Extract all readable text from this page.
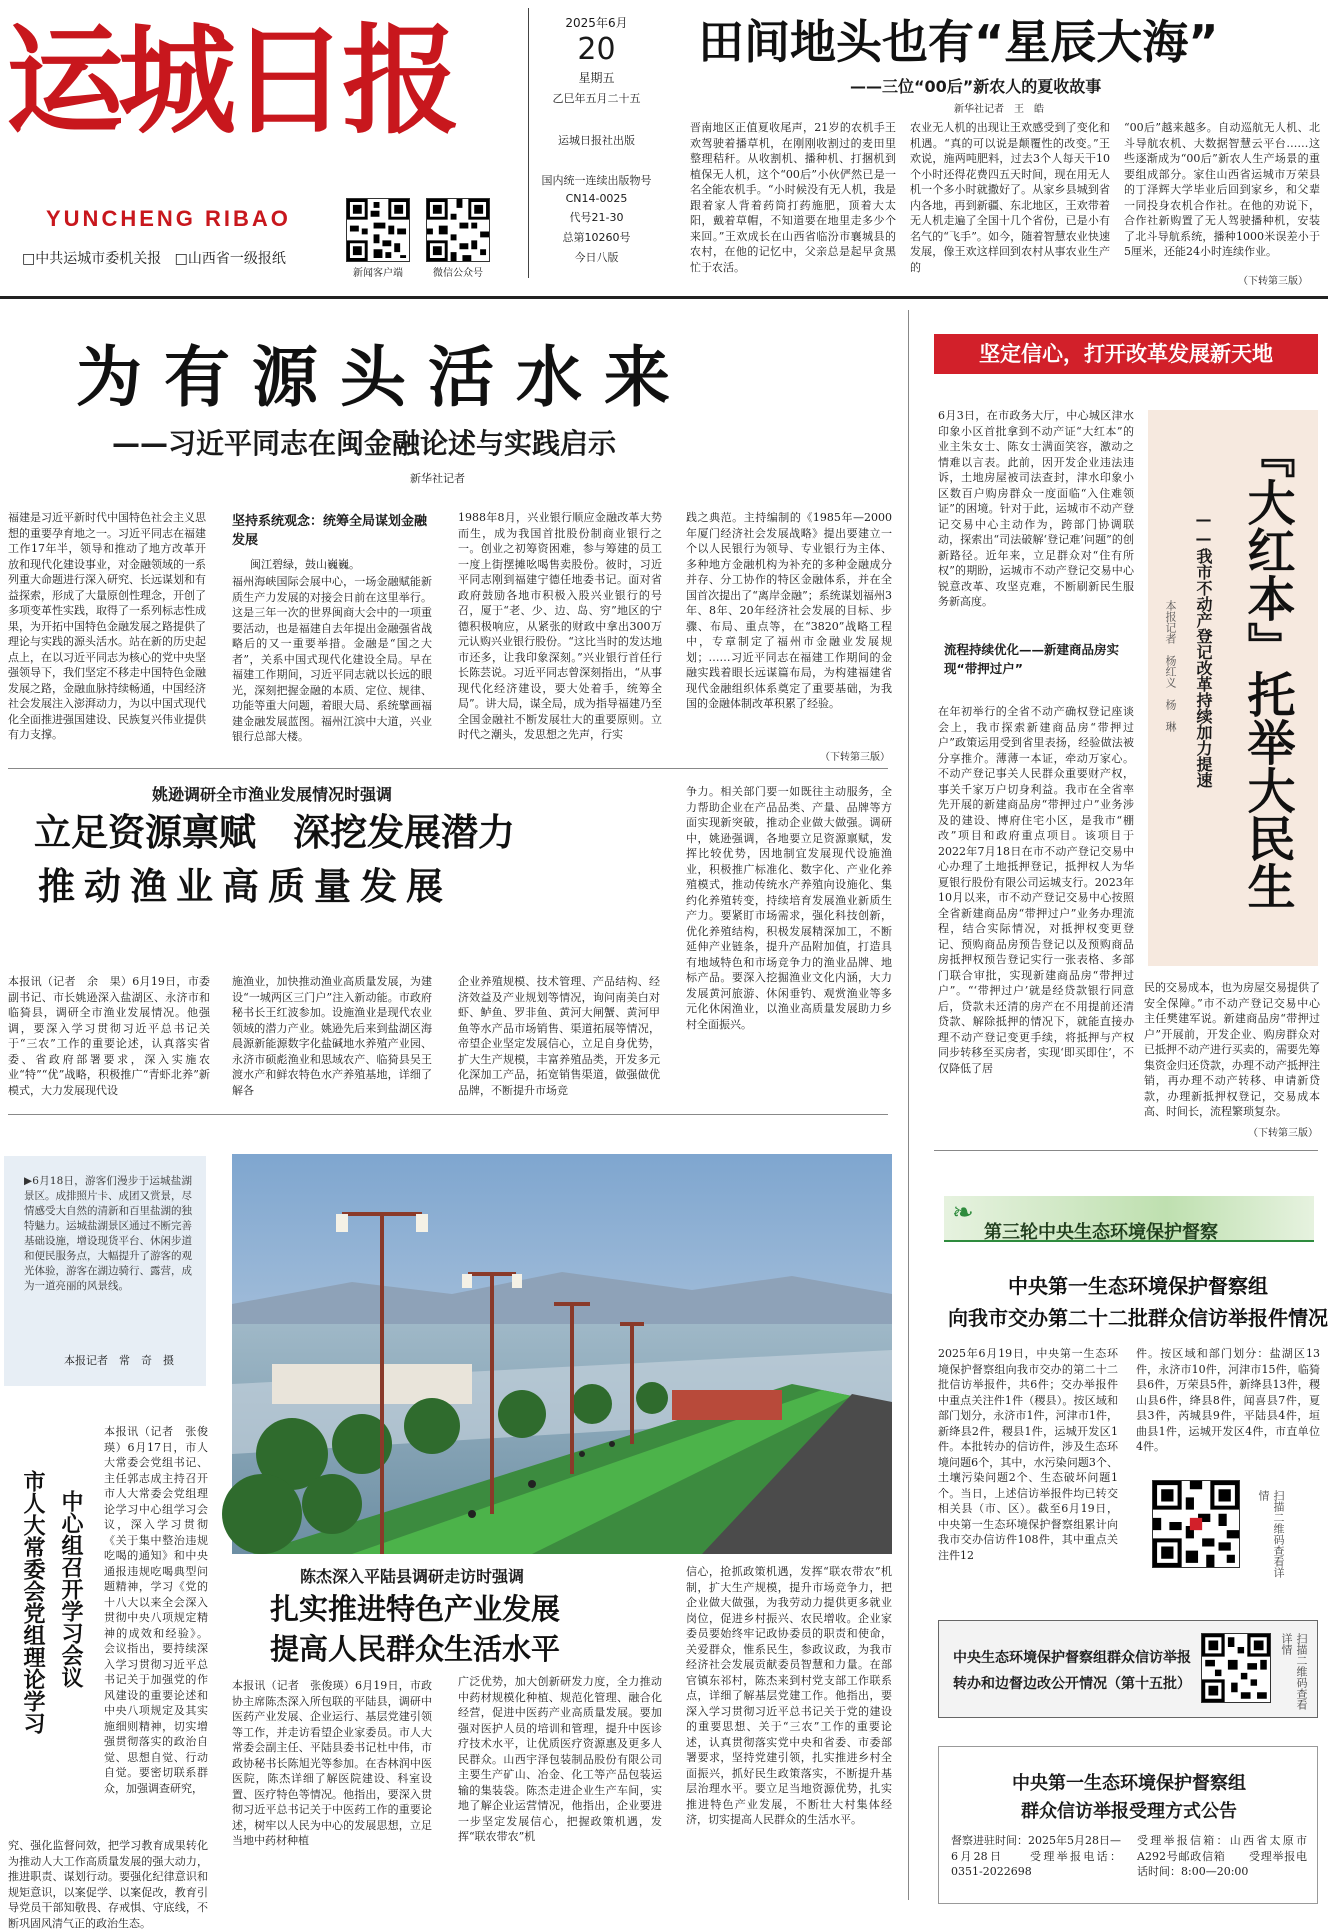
运城日报
YUNCHENG RIBAO
□中共运城市委机关报 □山西省一级报纸
新闻客户端	微信公众号
2025年6月
20
星期五
乙巳年五月二十五
运城日报社出版
国内统一连续出版物号
CN14-0025
代号21-30
总第10260号
今日八版
田间地头也有“星辰大海”
——三位“00后”新农人的夏收故事
新华社记者　王　皓
晋南地区正值夏收尾声，21岁的农机手王欢驾驶着播草机，在刚刚收割过的麦田里整理秸秆。从收割机、播种机、打捆机到植保无人机，这个“00后”小伙俨然已是一名全能农机手。“小时候没有无人机，我是跟着家人背着药筒打药施肥，顶着大太阳，戴着草帽，不知道要在地里走多少个来回。”王欢成长在山西省临汾市襄城县的农村，在他的记忆中，父亲总是起早贪黑忙于农活。
农业无人机的出现让王欢感受到了变化和机遇。“真的可以说是颠覆性的改变。”王欢说，施两吨肥料，过去3个人每天干10个小时还得花费四五天时间，现在用无人机一个多小时就撒好了。从家乡县城到省内各地，再到新疆、东北地区，王欢带着无人机走遍了全国十几个省份，已是小有名气的“飞手”。如今，随着智慧农业快速发展，像王欢这样回到农村从事农业生产的
“00后”越来越多。自动巡航无人机、北斗导航农机、大数据智慧云平台……这些逐渐成为“00后”新农人生产场景的重要组成部分。家住山西省运城市万荣县的丁泽辉大学毕业后回到家乡，和父辈一同投身农机合作社。在他的劝说下，合作社新购置了无人驾驶播种机，安装了北斗导航系统，播种1000米误差小于5厘米，还能24小时连续作业。
（下转第三版）
为有源头活水来
——习近平同志在闽金融论述与实践启示
新华社记者
福建是习近平新时代中国特色社会主义思想的重要孕育地之一。习近平同志在福建工作17年半，领导和推动了地方改革开放和现代化建设事业，对金融领域的一系列重大命题进行深入研究、长远谋划和有益探索，形成了大量原创性理念，开创了多项变革性实践，取得了一系列标志性成果，为开拓中国特色金融发展之路提供了理论与实践的源头活水。站在新的历史起点上，在以习近平同志为核心的党中央坚强领导下，我们坚定不移走中国特色金融发展之路，金融血脉持续畅通，中国经济社会发展注入澎湃动力，为以中国式现代化全面推进强国建设、民族复兴伟业提供有力支撑。
坚持系统观念：统筹全局谋划金融发展
闽江碧绿，鼓山巍巍。
福州海峡国际会展中心，一场金融赋能新质生产力发展的对接会日前在这里举行。这是三年一次的世界闽商大会中的一项重要活动，也是福建自去年提出金融强省战略后的又一重要举措。金融是“国之大者”，关系中国式现代化建设全局。早在福建工作期间，习近平同志就以长远的眼光，深刻把握金融的本质、定位、规律、功能等重大问题，着眼大局、系统擘画福建金融发展蓝图。福州江滨中大道，兴业银行总部大楼。
1988年8月，兴业银行顺应金融改革大势而生，成为我国首批股份制商业银行之一。创业之初筹资困难，参与筹建的员工一度上街摆摊吆喝售卖股份。彼时，习近平同志刚到福建宁德任地委书记。面对省政府鼓励各地市积极入股兴业银行的号召，厦于“老、少、边、岛、穷”地区的宁德积极响应，从紧张的财政中拿出300万元认购兴业银行股份。“这比当时的发达地市还多，让我印象深刻。”兴业银行首任行长陈芸说。习近平同志曾深刻指出，“从事现代化经济建设，要大处着手，统筹全局”。讲大局，谋全局，成为指导福建乃至全国金融社不断发展壮大的重要原则。立时代之潮头，发思想之先声，行实
践之典范。主持编制的《1985年—2000年厦门经济社会发展战略》提出要建立一个以人民银行为领导、专业银行为主体、多种地方金融机构为补充的多种金融成分并存、分工协作的特区金融体系，并在全国首次提出了“离岸金融”；系统谋划福州3年、8年、20年经济社会发展的目标、步骤、布局、重点等，在“3820”战略工程中，专章制定了福州市金融业发展规划；……习近平同志在福建工作期间的金融实践着眼长远谋篇布局，为构建福建省现代金融组织体系奠定了重要基础，为我国的金融体制改革积累了经验。
（下转第三版）
姚逊调研全市渔业发展情况时强调
立足资源禀赋　深挖发展潜力
推动渔业高质量发展
本报讯（记者　余　果）6月19日，市委副书记、市长姚逊深入盐湖区、永济市和临猗县，调研全市渔业发展情况。他强调，要深入学习贯彻习近平总书记关于“三农”工作的重要论述，认真落实省委、省政府部署要求，深入实施农业“特”“优”战略，积极推广“青虾北养”新模式，大力发展现代设
施渔业，加快推动渔业高质量发展，为建设“一城两区三门户”注入新动能。市政府秘书长王红波参加。设施渔业是现代农业领域的潜力产业。姚逊先后来到盐湖区海晨源新能源数字化盐碱地水养殖产业园、永济市硕彪渔业和思域农产、临猗县吴王渡水产和鲜农特色水产养殖基地，详细了解各
企业养殖规模、技术管理、产品结构、经济效益及产业规划等情况，询问南美白对虾、鲈鱼、罗非鱼、黄河大闸蟹、黄河甲鱼等水产品市场销售、渠道拓展等情况，帝望企业坚定发展信心，立足自身优势，扩大生产规模，丰富养殖品类，开发多元化深加工产品，拓宽销售渠道，做强做优品牌，不断提升市场竞
争力。相关部门要一如既往主动服务，全力帮助企业在产品品类、产量、品牌等方面实现新突破，推动企业做大做强。调研中，姚逊强调，各地要立足资源禀赋，发挥比较优势，因地制宜发展现代设施渔业，积极推广标准化、数字化、产业化养殖模式，推动传统水产养殖向设施化、集约化养殖转变，持续培育发展渔业新质生产力。要紧盯市场需求，强化科技创新，优化养殖结构，积极发展精深加工，不断延伸产业链条，提升产品附加值，打造具有地域特色和市场竞争力的渔业品牌、地标产品。要深入挖掘渔业文化内涵，大力发展黄河旅游、休闲垂钓、观赏渔业等多元化休闲渔业，以渔业高质量发展助力乡村全面振兴。
▶6月18日，游客们漫步于运城盐湖景区。成排照片卡、成团又赏景，尽情感受大自然的清新和百里盐湖的独特魅力。运城盐湖景区通过不断完善基础设施，增设现货平台、休闲步道和便民服务点，大幅提升了游客的观光体验，游客在湖边骑行、露营，成为一道亮丽的风景线。
本报记者　常　奇　摄
市人大常委会党组理论学习 中心组召开学习会议
本报讯（记者　张俊瑛）6月17日，市人大常委会党组书记、主任郭志成主持召开市人大常委会党组理论学习中心组学习会议，深入学习贯彻《关于集中整治违规吃喝的通知》和中央通报违规吃喝典型问题精神，学习《党的十八大以来全会深入贯彻中央八项规定精神的成效和经验》。会议指出，要持续深入学习贯彻习近平总书记关于加强党的作风建设的重要论述和中央八项规定及其实施细则精神，切实增强贯彻落实的政治自觉、思想自觉、行动自觉。要密切联系群众，加强调查研究，
究、强化监督问效，把学习教育成果转化为推动人大工作高质量发展的强大动力，推进职责、谋划行动。要强化纪律意识和规矩意识，以案促学、以案促改，教育引导党员干部知敬畏、存戒惧、守底线，不断巩固风清气正的政治生态。
陈杰深入平陆县调研走访时强调
扎实推进特色产业发展
提高人民群众生活水平
本报讯（记者　张俊瑛）6月19日，市政协主席陈杰深入所包联的平陆县，调研中医药产业发展、企业运行、基层党建引领等工作，并走访看望企业家委员。市人大常委会副主任、平陆县委书记杜中伟，市政协秘书长陈旭光等参加。在杏林润中医医院，陈杰详细了解医院建设、科室设置、医疗特色等情况。他指出，要深入贯彻习近平总书记关于中医药工作的重要论述，树牢以人民为中心的发展思想，立足当地中药材种植
广泛优势，加大创新研发力度，全力推动中药材规模化种植、规范化管理、融合化经营，促进中医药产业高质量发展。要加强对医护人员的培训和管理，提升中医诊疗技术水平，让优质医疗资源惠及更多人民群众。山西宇泽包装制品股份有限公司主要生产矿山、冶金、化工等产品包装运输的集装袋。陈杰走进企业生产车间，实地了解企业运营情况，他指出，企业要进一步坚定发展信心，把握政策机遇，发挥“联农带农”机
信心，抢抓政策机遇，发挥“联农带农”机制，扩大生产规模，提升市场竞争力，把企业做大做强，为我劳动力提供更多就业岗位，促进乡村振兴、农民增收。企业家委员要始终牢记政协委员的职责和使命，关爱群众，惟系民生，参政议政，为我市经济社会发展贡献委员智慧和力量。在部官镇东祁村，陈杰来到村党支部工作联系点，详细了解基层党建工作。他指出，要深入学习贯彻习近平总书记关于党的建设的重要思想、关于“三农”工作的重要论述，认真贯彻落实党中央和省委、市委部署要求，坚持党建引领，扎实推进乡村全面振兴，抓好民生政策落实，不断提升基层治理水平。要立足当地资源优势，扎实推进特色产业发展，不断壮大村集体经济，切实提高人民群众的生活水平。
坚定信心，打开改革发展新天地
『大红本』托举大民生
——我市不动产登记改革持续加力提速
本报记者　杨红义　杨　琳
6月3日，在市政务大厅，中心城区津水印象小区首批拿到不动产证“大红本”的业主朱女士、陈女士满面笑容，激动之情难以言表。此前，因开发企业违法违诉，土地房屋被司法查封，津水印象小区数百户购房群众一度面临“入住难领证”的困境。针对于此，运城市不动产登记交易中心主动作为，跨部门协调联动，探索出“司法破解‘登记难’问题”的创新路径。近年来，立足群众对“住有所权”的期盼，运城市不动产登记交易中心锐意改革、攻坚克难，不断刷新民生服务新高度。
流程持续优化——新建商品房实现“带押过户”
在年初举行的全省不动产确权登记座谈会上，我市探索新建商品房“带押过户”政策运用受到省里表扬，经验做法被分享推介。薄薄一本证，牵动万家心。不动产登记事关人民群众重要财产权，事关千家万户切身利益。我市在全省率先开展的新建商品房“带押过户”业务涉及的建设、博府住宅小区，是我市“棚改”项目和政府重点项目。该项目于2022年7月18日在市不动产登记交易中心办理了土地抵押登记，抵押权人为华夏银行股份有限公司运城支行。2023年10月以来，市不动产登记交易中心按照全省新建商品房“带押过户”业务办理流程，结合实际情况，对抵押权变更登记、预购商品房预告登记以及预购商品房抵押权预告登记实行一张表格、多部门联合审批，实现新建商品房“带押过户”。“‘带押过户’就是经贷款银行同意后，贷款未还清的房产在不用提前还清贷款、解除抵押的情况下，就能直接办理不动产登记变更手续，将抵押与产权同步转移至买房者，实现‘即买即住’，不仅降低了居
民的交易成本，也为房屋交易提供了安全保障。”市不动产登记交易中心主任樊建军说。新建商品房“带押过户”开展前，开发企业、购房群众对已抵押不动产进行买卖的，需要先筹集资金归还贷款，办理不动产抵押注销，再办理不动产转移、申请新贷款，办理新抵押权登记，交易成本高、时间长，流程繁琐复杂。
（下转第三版）
❧
第三轮中央生态环境保护督察
中央第一生态环境保护督察组
向我市交办第二十二批群众信访举报件情况
2025年6月19日，中央第一生态环境保护督察组向我市交办的第二十二批信访举报件，共6件；交办举报件中重点关注件1件（稷县）。按区域和部门划分，永济市1件，河津市1件，新绛县2件，稷县1件，运城开发区1件。本批转办的信访件，涉及生态环境问题6个，其中，水污染问题3个、土壤污染问题2个、生态破坏问题1个。当日，上述信访举报件均已转交相关县（市、区）。截至6月19日，中央第一生态环境保护督察组累计向我市交办信访件108件，其中重点关注件12
件。按区域和部门划分：盐湖区13件，永济市10件，河津市15件，临猗县6件，万荣县5件，新绛县13件，稷山县6件，绛县8件，闻喜县7件，夏县3件，芮城县9件，平陆县4件，垣曲县1件，运城开发区4件，市直单位4件。
扫描二维码查看详情
中央生态环境保护督察组群众信访举报
转办和边督边改公开情况（第十五批）	扫描二维码查看详情
中央第一生态环境保护督察组
群众信访举报受理方式公告
督察进驻时间：2025年5月28日—6月28日　　受理举报电话：0351-2022698
受理举报信箱：山西省太原市A292号邮政信箱　　受理举报电话时间：8:00—20:00
